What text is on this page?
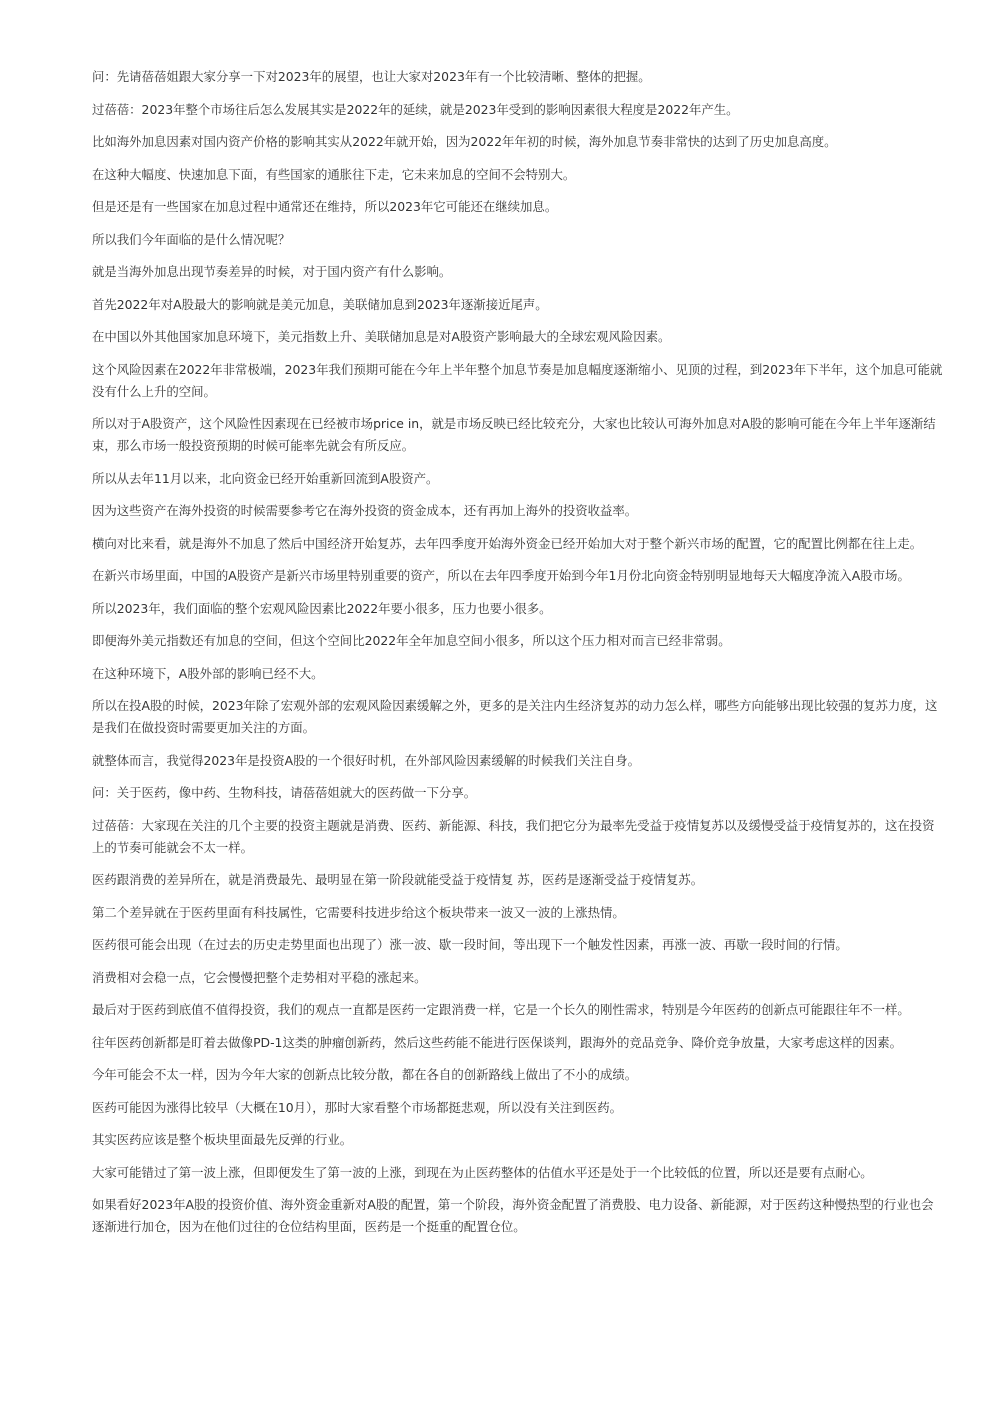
问：先请蓓蓓姐跟大家分享一下对2023年的展望，也让大家对2023年有一个比较清晰、整体的把握。

过蓓蓓：2023年整个市场往后怎么发展其实是2022年的延续，就是2023年受到的影响因素很大程度是2022年产生。

比如海外加息因素对国内资产价格的影响其实从2022年就开始，因为2022年年初的时候，海外加息节奏非常快的达到了历史加息高度。

在这种大幅度、快速加息下面，有些国家的通胀往下走，它未来加息的空间不会特别大。

但是还是有一些国家在加息过程中通常还在维持，所以2023年它可能还在继续加息。

所以我们今年面临的是什么情况呢？

就是当海外加息出现节奏差异的时候，对于国内资产有什么影响。

首先2022年对A股最大的影响就是美元加息，美联储加息到2023年逐渐接近尾声。

在中国以外其他国家加息环境下，美元指数上升、美联储加息是对A股资产影响最大的全球宏观风险因素。

这个风险因素在2022年非常极端，2023年我们预期可能在今年上半年整个加息节奏是加息幅度逐渐缩小、见顶的过程，到2023年下半年，这个加息可能就没有什么上升的空间。

所以对于A股资产，这个风险性因素现在已经被市场price in，就是市场反映已经比较充分，大家也比较认可海外加息对A股的影响可能在今年上半年逐渐结束，那么市场一般投资预期的时候可能率先就会有所反应。

所以从去年11月以来，北向资金已经开始重新回流到A股资产。

因为这些资产在海外投资的时候需要参考它在海外投资的资金成本，还有再加上海外的投资收益率。

横向对比来看，就是海外不加息了然后中国经济开始复苏，去年四季度开始海外资金已经开始加大对于整个新兴市场的配置，它的配置比例都在往上走。

在新兴市场里面，中国的A股资产是新兴市场里特别重要的资产，所以在去年四季度开始到今年1月份北向资金特别明显地每天大幅度净流入A股市场。

所以2023年，我们面临的整个宏观风险因素比2022年要小很多，压力也要小很多。

即便海外美元指数还有加息的空间，但这个空间比2022年全年加息空间小很多，所以这个压力相对而言已经非常弱。

在这种环境下，A股外部的影响已经不大。

所以在投A股的时候，2023年除了宏观外部的宏观风险因素缓解之外，更多的是关注内生经济复苏的动力怎么样，哪些方向能够出现比较强的复苏力度，这是我们在做投资时需要更加关注的方面。

就整体而言，我觉得2023年是投资A股的一个很好时机，在外部风险因素缓解的时候我们关注自身。

问：关于医药，像中药、生物科技，请蓓蓓姐就大的医药做一下分享。

过蓓蓓：大家现在关注的几个主要的投资主题就是消费、医药、新能源、科技，我们把它分为最率先受益于疫情复苏以及缓慢受益于疫情复苏的，这在投资上的节奏可能就会不太一样。

医药跟消费的差异所在，就是消费最先、最明显在第一阶段就能受益于疫情复 苏，医药是逐渐受益于疫情复苏。

第二个差异就在于医药里面有科技属性，它需要科技进步给这个板块带来一波又一波的上涨热情。

医药很可能会出现（在过去的历史走势里面也出现了）涨一波、歇一段时间，等出现下一个触发性因素，再涨一波、再歇一段时间的行情。

消费相对会稳一点，它会慢慢把整个走势相对平稳的涨起来。

最后对于医药到底值不值得投资，我们的观点一直都是医药一定跟消费一样，它是一个长久的刚性需求，特别是今年医药的创新点可能跟往年不一样。

往年医药创新都是盯着去做像PD-1这类的肿瘤创新药，然后这些药能不能进行医保谈判，跟海外的竞品竞争、降价竞争放量，大家考虑这样的因素。

今年可能会不太一样，因为今年大家的创新点比较分散，都在各自的创新路线上做出了不小的成绩。

医药可能因为涨得比较早（大概在10月），那时大家看整个市场都挺悲观，所以没有关注到医药。

其实医药应该是整个板块里面最先反弹的行业。

大家可能错过了第一波上涨，但即便发生了第一波的上涨，到现在为止医药整体的估值水平还是处于一个比较低的位置，所以还是要有点耐心。

如果看好2023年A股的投资价值、海外资金重新对A股的配置，第一个阶段，海外资金配置了消费股、电力设备、新能源，对于医药这种慢热型的行业也会逐渐进行加仓，因为在他们过往的仓位结构里面，医药是一个挺重的配置仓位。
